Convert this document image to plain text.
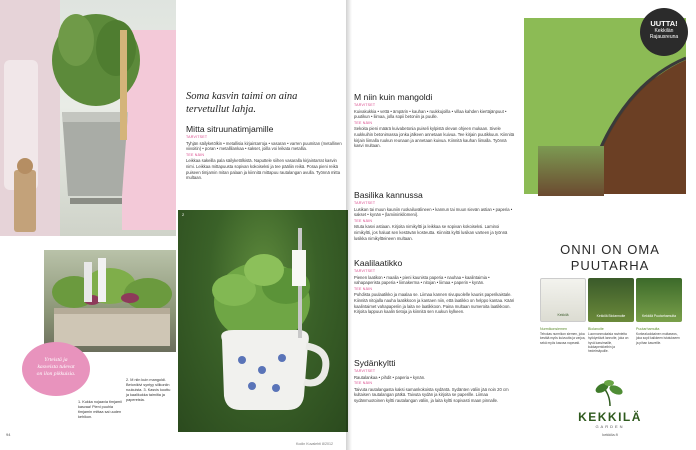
Soma kasvin taimi on aina
tervetullut lahja.
Mitta sitruunatimjamille
TARVITSET

Tyhjän säilyketölkin • metallisia kirjaintarroja • vasaran • varren puumitan (metallinen viivoitin) • poran • metallilankaa • sakset, joilla voi leikata metallia.

TEE NÄIN

Leikkaa sakeilla pala säilyketölkistä. Naputtele siihen vasaralla kirjaintarrat kasvin nimi. Leikkaa mittapuusta sopivan kokoiseksi ja tee pääliin reikä. Poraa pieni reikä puiseen timjamin mitan palaan ja kiinnitä mittapuu rautalangan avulla. Työnnä mitta multaan.

Yrteistä ja
kasveista tulevat
on ilon pikkuisia.
1. Kukka nojaavia timjamii kasvaa! Pieni puuhia timjamin mittaa sai uuden kehikon.
2. M niin kuin mangoldi. Betonikivi syntyy silikoniin ruukuista. 3. Kasvis koottu ja kaalikukka taimilta ja papereista.
2
94
Kodin Kuvalehti 8/2012
M niin kuin mangoldi
TARVITSET

Kuivakukkia • vettä • ämpärin • kauhan • ruukkujoilla • villaa kahden kiertäjänpuut • puutikun • liimaa, jolla sopii betoniin ja puulle.

TEE NÄIN

Sekoita pieni määrä kuivabetonia puiseli kylpistä olevan ohjeen mukaan. Sivele ruukkuihin betonimassa jonka jälkeen annetaan kuivua. Tee kirjain puutikkuun. Kiinnitä kirjain liimalla ruukun reunaan ja annetaan kuivua. Kiinnitä kauhan liimalla. Työnnä kasvi multaan.

Basilika kannussa
TARVITSET

Lusikan tai muun kauniin ruokailuvälineen • kannun tai muun sievän astian • paperia • sakset • kynän • (lamiininkilomeni).

TEE NÄIN

Istuta kasvi astiaan. Kirjoita nimikyltti ja leikkaa se sopivan kokoiseksi. Laminoi nimikyltti, jos haluat sen kestävän kosteutta. Kiinnitä kyltti lusikan varteen ja työnnä lusikka nimikyltteineen multaan.

Kaalilaatikko
TARVITSET

Pienen laatikon • maalia • pieni kaunista paperia • nauhaa • kaalintaimia • vahapaperista paperia • liimakerma • nitojan • liimaa • paperin • kynän.

TEE NÄIN

Puhdista puulaatikko ja maalaa se. Liimaa kannen sivupuolelle kaunis paperikaistale. Kiinnitä nitojalla nauha laatikkoon ja kantaen niin, että laatikko on helppo kantaa. Kääri kaalintaimet vahapaperiin ja laita ne laatikkoon. Paina multaan numeroita laatikkoon. Kirjoita lappuun kaalin tietoja ja kiinnitä sen ruukun kylkeen.

Sydänkyltti
TARVITSET

Rautalankaa • pihdit • paperia • kynän.

TEE NÄIN

Taivuta rautalangasta kaksi samankokoista sydäntä. Sydänten väliin jää noin 20 cm kultaisen rautalangan pätkä. Taivuta sydän ja kirjoita se paperille. Liimaa sydänmuotoinen kyltti rautalangan väliin, ja laita kyltti sopivasti maan pinnalle.

UUTTA!
Kekkilän
Rajausreuna
ONNI ON OMA
PUUTARHA
Kekkilä	Kekkilä Biolannoite	Kekkilä Puutarhamulta
Nurmikonsiemen
Tehokas nurmikon siemen, joka kestää myös kuivuutta ja varjoa, sekä myös kasvaa nopeasti.
Biolanoite
Luonnonmukaisia ravinteita hyödyntävä lannoite, joka on hyvä kasvimaille, kukkapenkkeihin ja hedelmäpuille.
Puutarhamulta
Korkealuokkainen multaseos, joka sopii kaikkeen istutukseen ja pihan kasveille.
KEKKILÄ
GARDEN
kekkila.fi
